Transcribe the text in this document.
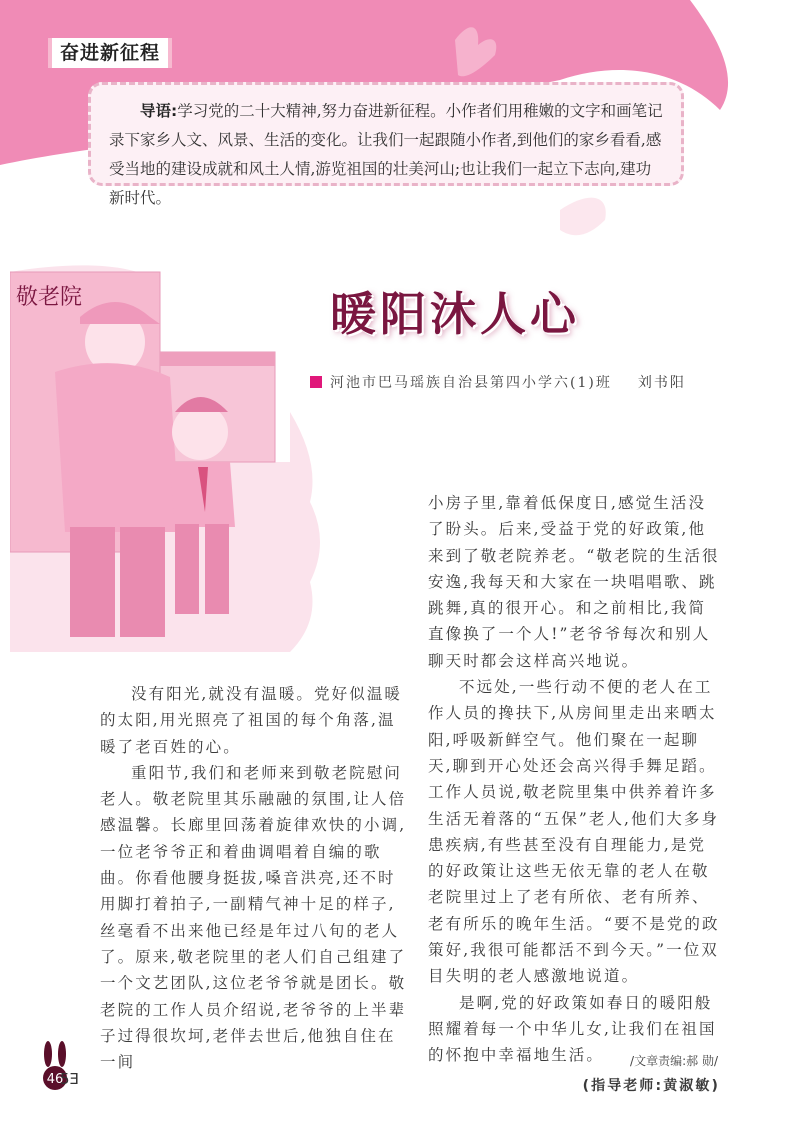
奋进新征程
  导语:学习党的二十大精神,努力奋进新征程。小作者们用稚嫩的文字和画笔记录下家乡人文、风景、生活的变化。让我们一起跟随小作者,到他们的家乡看看,感受当地的建设成就和风土人情,游览祖国的壮美河山;也让我们一起立下志向,建功新时代。
敬老院	暖阳沐人心
河池市巴马瑶族自治县第四小学六(1)班 刘书阳

没有阳光,就没有温暖。党好似温暖的太阳,用光照亮了祖国的每个角落,温暖了老百姓的心。

重阳节,我们和老师来到敬老院慰问老人。敬老院里其乐融融的氛围,让人倍感温馨。长廊里回荡着旋律欢快的小调,一位老爷爷正和着曲调唱着自编的歌曲。你看他腰身挺拔,嗓音洪亮,还不时用脚打着拍子,一副精气神十足的样子,丝毫看不出来他已经是年过八旬的老人了。原来,敬老院里的老人们自己组建了一个文艺团队,这位老爷爷就是团长。敬老院的工作人员介绍说,老爷爷的上半辈子过得很坎坷,老伴去世后,他独自住在一间

小房子里,靠着低保度日,感觉生活没了盼头。后来,受益于党的好政策,他来到了敬老院养老。“敬老院的生活很安逸,我每天和大家在一块唱唱歌、跳跳舞,真的很开心。和之前相比,我简直像换了一个人!”老爷爷每次和别人聊天时都会这样高兴地说。

不远处,一些行动不便的老人在工作人员的搀扶下,从房间里走出来晒太阳,呼吸新鲜空气。他们聚在一起聊天,聊到开心处还会高兴得手舞足蹈。工作人员说,敬老院里集中供养着许多生活无着落的“五保”老人,他们大多身患疾病,有些甚至没有自理能力,是党的好政策让这些无依无靠的老人在敬老院里过上了老有所依、老有所养、老有所乐的晚年生活。“要不是党的政策好,我很可能都活不到今天。”一位双目失明的老人感激地说道。

是啊,党的好政策如春日的暖阳般照耀着每一个中华儿女,让我们在祖国的怀抱中幸福地生活。

(指导老师:黄淑敏)

46
5Ǝ
/文章责编:郝 勋/
